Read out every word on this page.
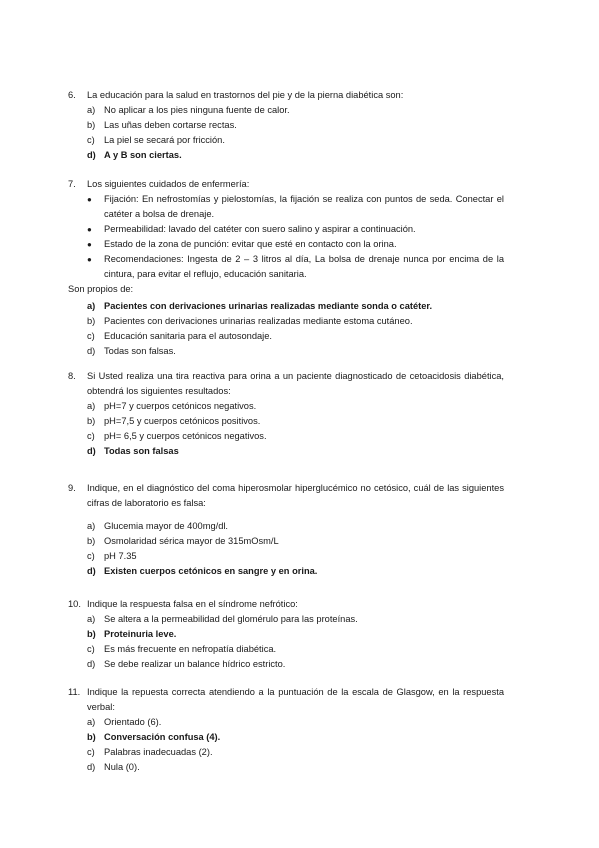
6.	La educación para la salud en trastornos del pie y de la pierna diabética son:
a) No aplicar a los pies ninguna fuente de calor.
b) Las uñas deben cortarse rectas.
c) La piel se secará por fricción.
d) A y B son ciertas.
7.	Los siguientes cuidados de enfermería:
●	Fijación: En nefrostomías y pielostomías, la fijación se realiza con puntos de seda. Conectar el catéter a bolsa de drenaje.
●	Permeabilidad: lavado del catéter con suero salino y aspirar a continuación.
●	Estado de la zona de punción: evitar que esté en contacto con la orina.
●	Recomendaciones: Ingesta de 2 – 3 litros al día, La bolsa de drenaje nunca por encima de la cintura, para evitar el reflujo, educación sanitaria.
Son propios de:
a) Pacientes con derivaciones urinarias realizadas mediante sonda o catéter.
b) Pacientes con derivaciones urinarias realizadas mediante estoma cutáneo.
c) Educación sanitaria para el autosondaje.
d) Todas son falsas.
8.	Si Usted realiza una tira reactiva para orina a un paciente diagnosticado de cetoacidosis diabética, obtendrá los siguientes resultados:
a) pH=7 y cuerpos cetónicos negativos.
b) pH=7,5 y cuerpos cetónicos positivos.
c) pH= 6,5 y cuerpos cetónicos negativos.
d) Todas son falsas
9.	Indique, en el diagnóstico del coma hiperosmolar hiperglucémico no cetósico, cuál de las siguientes cifras de laboratorio es falsa:
a) Glucemia mayor de 400mg/dl.
b) Osmolaridad sérica mayor de 315mOsm/L
c) pH 7.35
d) Existen cuerpos cetónicos en sangre y en orina.
10. Indique la respuesta falsa en el síndrome nefrótico:
a) Se altera a la permeabilidad del glomérulo para las proteínas.
b) Proteinuria leve.
c) Es más frecuente en nefropatía diabética.
d) Se debe realizar un balance hídrico estricto.
11. Indique la repuesta correcta atendiendo a la puntuación de la escala de Glasgow, en la respuesta verbal:
a) Orientado (6).
b) Conversación confusa (4).
c) Palabras inadecuadas (2).
d) Nula (0).
